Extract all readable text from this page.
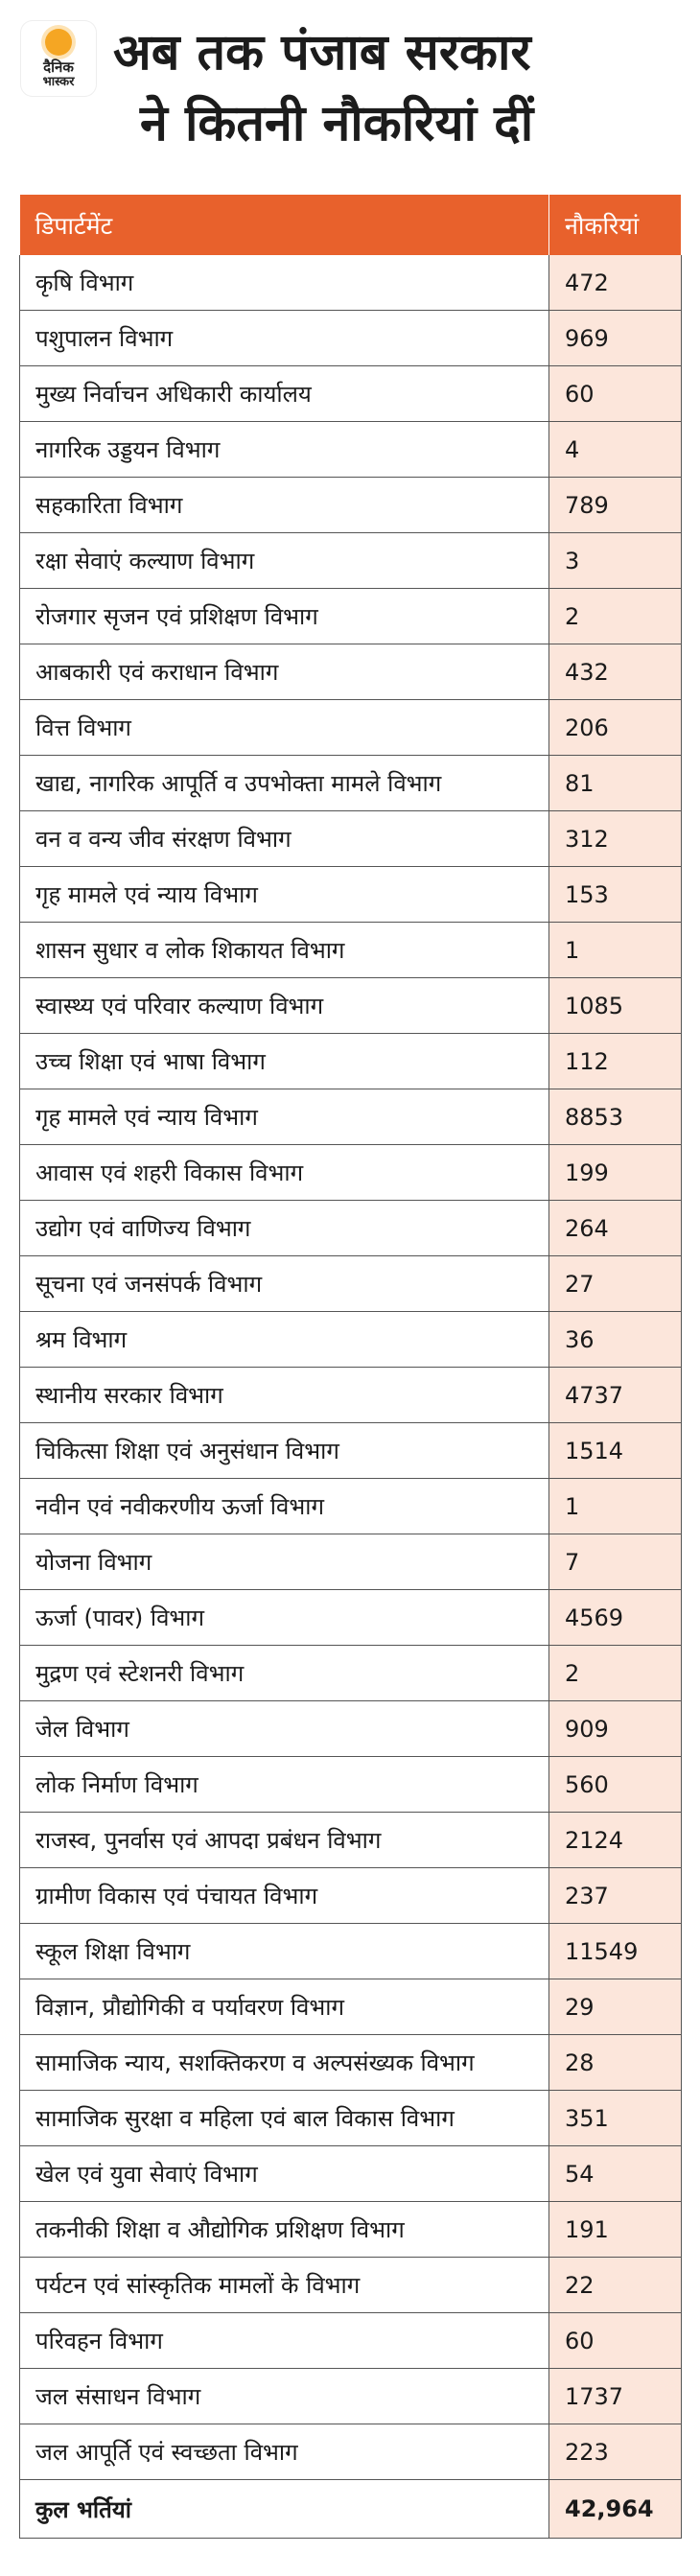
दैनिक
भास्कर
अब तक पंजाब सरकार
ने कितनी नौकरियां दीं
डिपार्टमेंट	नौकरियां
कृषि विभाग	472
पशुपालन विभाग	969
मुख्य निर्वाचन अधिकारी कार्यालय	60
नागरिक उड्डयन विभाग	4
सहकारिता विभाग	789
रक्षा सेवाएं कल्याण विभाग	3
रोजगार सृजन एवं प्रशिक्षण विभाग	2
आबकारी एवं कराधान विभाग	432
वित्त विभाग	206
खाद्य, नागरिक आपूर्ति व उपभोक्ता मामले विभाग	81
वन व वन्य जीव संरक्षण विभाग	312
गृह मामले एवं न्याय विभाग	153
शासन सुधार व लोक शिकायत विभाग	1
स्वास्थ्य एवं परिवार कल्याण विभाग	1085
उच्च शिक्षा एवं भाषा विभाग	112
गृह मामले एवं न्याय विभाग	8853
आवास एवं शहरी विकास विभाग	199
उद्योग एवं वाणिज्य विभाग	264
सूचना एवं जनसंपर्क विभाग	27
श्रम विभाग	36
स्थानीय सरकार विभाग	4737
चिकित्सा शिक्षा एवं अनुसंधान विभाग	1514
नवीन एवं नवीकरणीय ऊर्जा विभाग	1
योजना विभाग	7
ऊर्जा (पावर) विभाग	4569
मुद्रण एवं स्टेशनरी विभाग	2
जेल विभाग	909
लोक निर्माण विभाग	560
राजस्व, पुनर्वास एवं आपदा प्रबंधन विभाग	2124
ग्रामीण विकास एवं पंचायत विभाग	237
स्कूल शिक्षा विभाग	11549
विज्ञान, प्रौद्योगिकी व पर्यावरण विभाग	29
सामाजिक न्याय, सशक्तिकरण व अल्पसंख्यक विभाग	28
सामाजिक सुरक्षा व महिला एवं बाल विकास विभाग	351
खेल एवं युवा सेवाएं विभाग	54
तकनीकी शिक्षा व औद्योगिक प्रशिक्षण विभाग	191
पर्यटन एवं सांस्कृतिक मामलों के विभाग	22
परिवहन विभाग	60
जल संसाधन विभाग	1737
जल आपूर्ति एवं स्वच्छता विभाग	223
कुल भर्तियां	42,964
